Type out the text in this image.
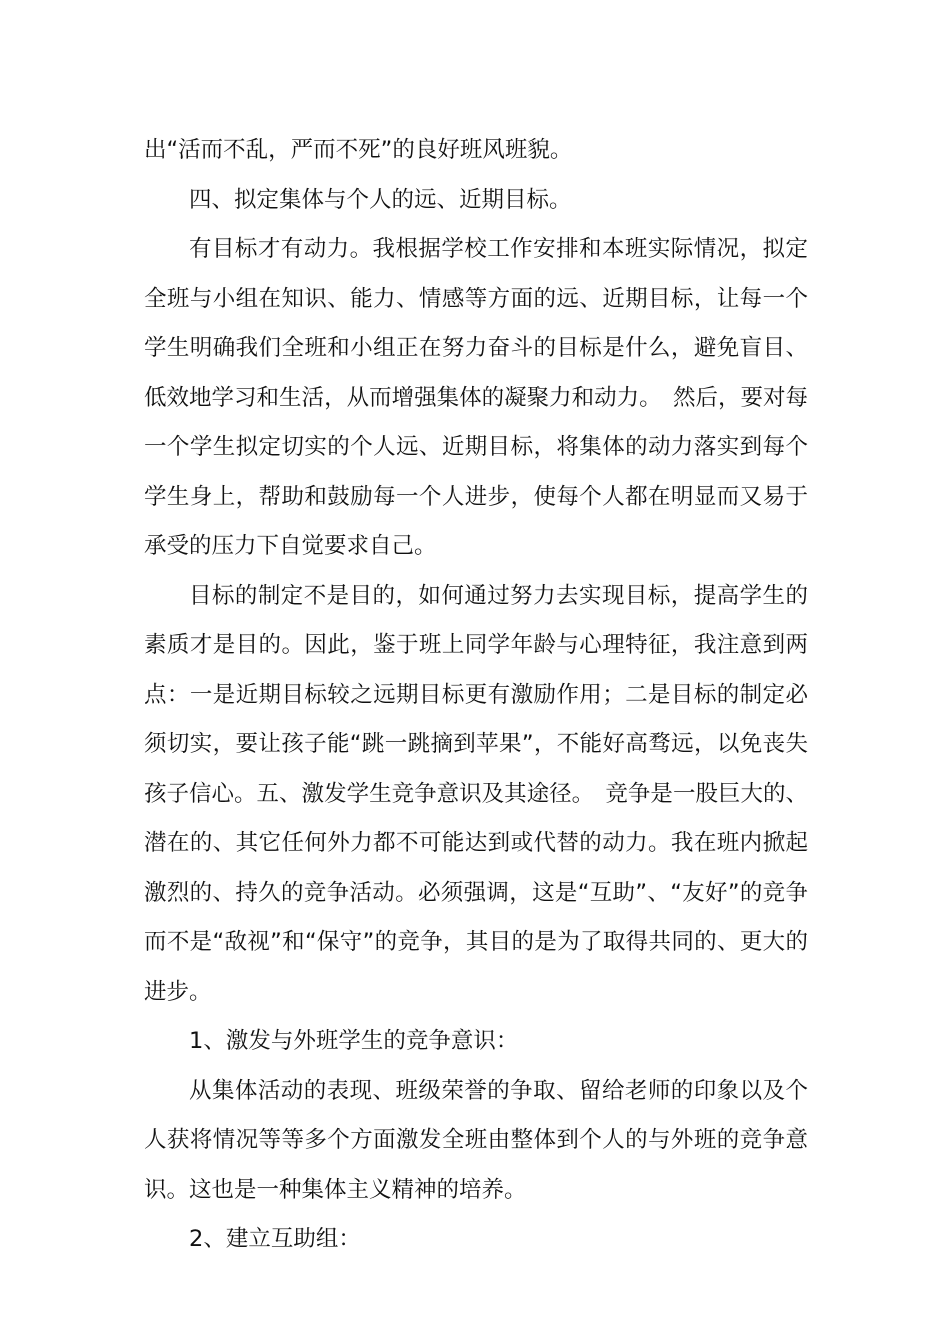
出“活而不乱，严而不死”的良好班风班貌。

四、拟定集体与个人的远、近期目标。

有目标才有动力。我根据学校工作安排和本班实际情况，拟定全班与小组在知识、能力、情感等方面的远、近期目标，让每一个学生明确我们全班和小组正在努力奋斗的目标是什么，避免盲目、低效地学习和生活，从而增强集体的凝聚力和动力。　然后，要对每一个学生拟定切实的个人远、近期目标，将集体的动力落实到每个学生身上，帮助和鼓励每一个人进步，使每个人都在明显而又易于承受的压力下自觉要求自己。

目标的制定不是目的，如何通过努力去实现目标，提高学生的素质才是目的。因此，鉴于班上同学年龄与心理特征，我注意到两点：一是近期目标较之远期目标更有激励作用；二是目标的制定必须切实，要让孩子能“跳一跳摘到苹果”，不能好高骛远，以免丧失孩子信心。五、激发学生竞争意识及其途径。　竞争是一股巨大的、潜在的、其它任何外力都不可能达到或代替的动力。我在班内掀起激烈的、持久的竞争活动。必须强调，这是“互助”、“友好”的竞争而不是“敌视”和“保守”的竞争，其目的是为了取得共同的、更大的进步。

1、激发与外班学生的竞争意识：

从集体活动的表现、班级荣誉的争取、留给老师的印象以及个人获将情况等等多个方面激发全班由整体到个人的与外班的竞争意识。这也是一种集体主义精神的培养。

2、建立互助组：
